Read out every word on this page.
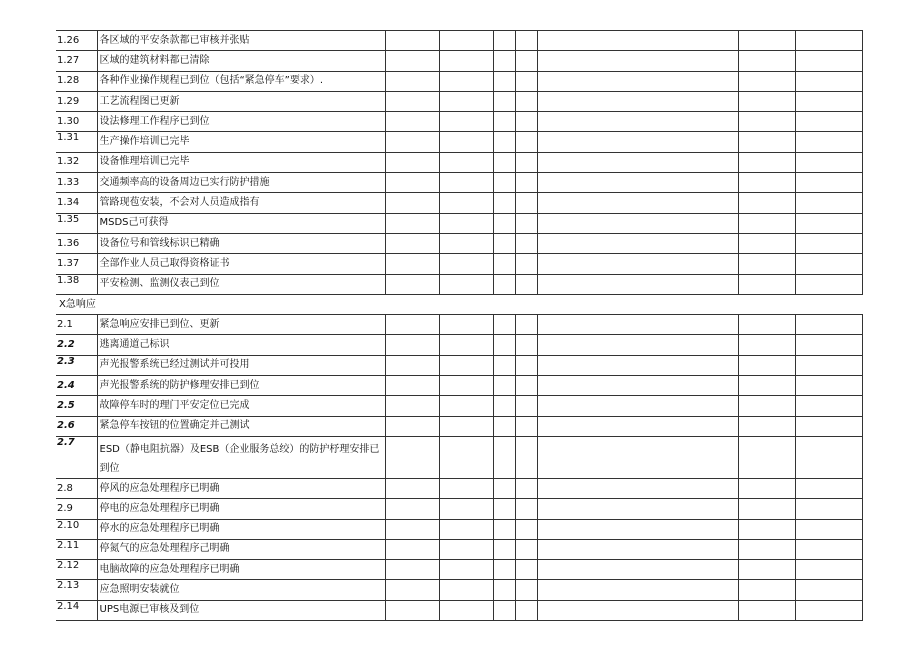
1.26	各区域的平安条款都已审核并张贴							
1.27	区域的建筑材料都已清除							
1.28	各种作业操作规程已到位（包括“紧急停车”要求）.							
1.29	工艺流程图已更新							
1.30	设法修理工作程序已到位							
1.31	生产操作培训已完毕							
1.32	设备惟理培训已完毕							
1.33	交通频率高的设备周边已实行防护措施							
1.34	管路现苞安装，不会对人员造成指有							
1.35	MSDS己可获得							
1.36	设备位号和管线标识已精确							
1.37	全部作业人员己取得资格证书							
1.38	平安检测、监测仪表己到位							
X急响应								
2.1	紧急响应安排已到位、更新							
2.2	逃离通道己标识							
2.3	声光报警系统已经过测试并可投用							
2.4	声光报警系统的防护修理安排已到位							
2.5	故障停车时的理门平安定位已完成							
2.6	紧急停车按钮的位置确定并己测试							
2.7	ESD（静电阻抗器）及ESB（企业服务总绞）的防护杼理安排已到位							
2.8	停风的应急处理程序已明确							
2.9	停电的应急处理程序已明确							
2.10	停水的应急处理程序已明确							
2.11	停氮气的应急处理程序己明确							
2.12	电脑故障的应急处理程序已明确							
2.13	应急照明安装就位							
2.14	UPS电源已审核及到位							
